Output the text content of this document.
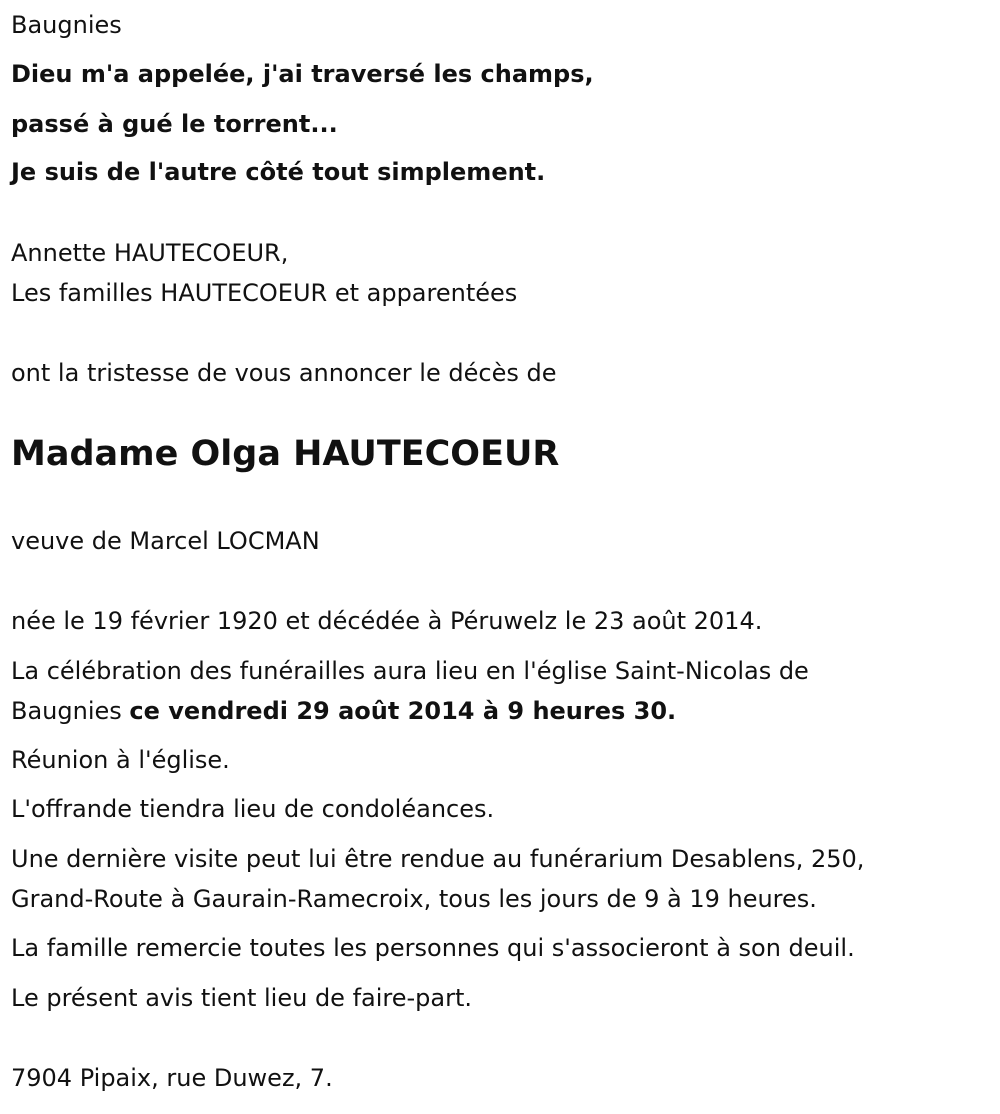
Baugnies

Dieu m'a appelée, j'ai traversé les champs,

passé à gué le torrent...

Je suis de l'autre côté tout simplement.

Annette HAUTECOEUR,

Les familles HAUTECOEUR et apparentées

ont la tristesse de vous annoncer le décès de

Madame Olga HAUTECOEUR

veuve de Marcel LOCMAN

née le 19 février 1920 et décédée à Péruwelz le 23 août 2014.

La célébration des funérailles aura lieu en l'église Saint-Nicolas de

Baugnies ce vendredi 29 août 2014 à 9 heures 30.

Réunion à l'église.

L'offrande tiendra lieu de condoléances.

Une dernière visite peut lui être rendue au funérarium Desablens, 250,

Grand-Route à Gaurain-Ramecroix, tous les jours de 9 à 19 heures.

La famille remercie toutes les personnes qui s'associeront à son deuil.

Le présent avis tient lieu de faire-part.

7904 Pipaix, rue Duwez, 7.
